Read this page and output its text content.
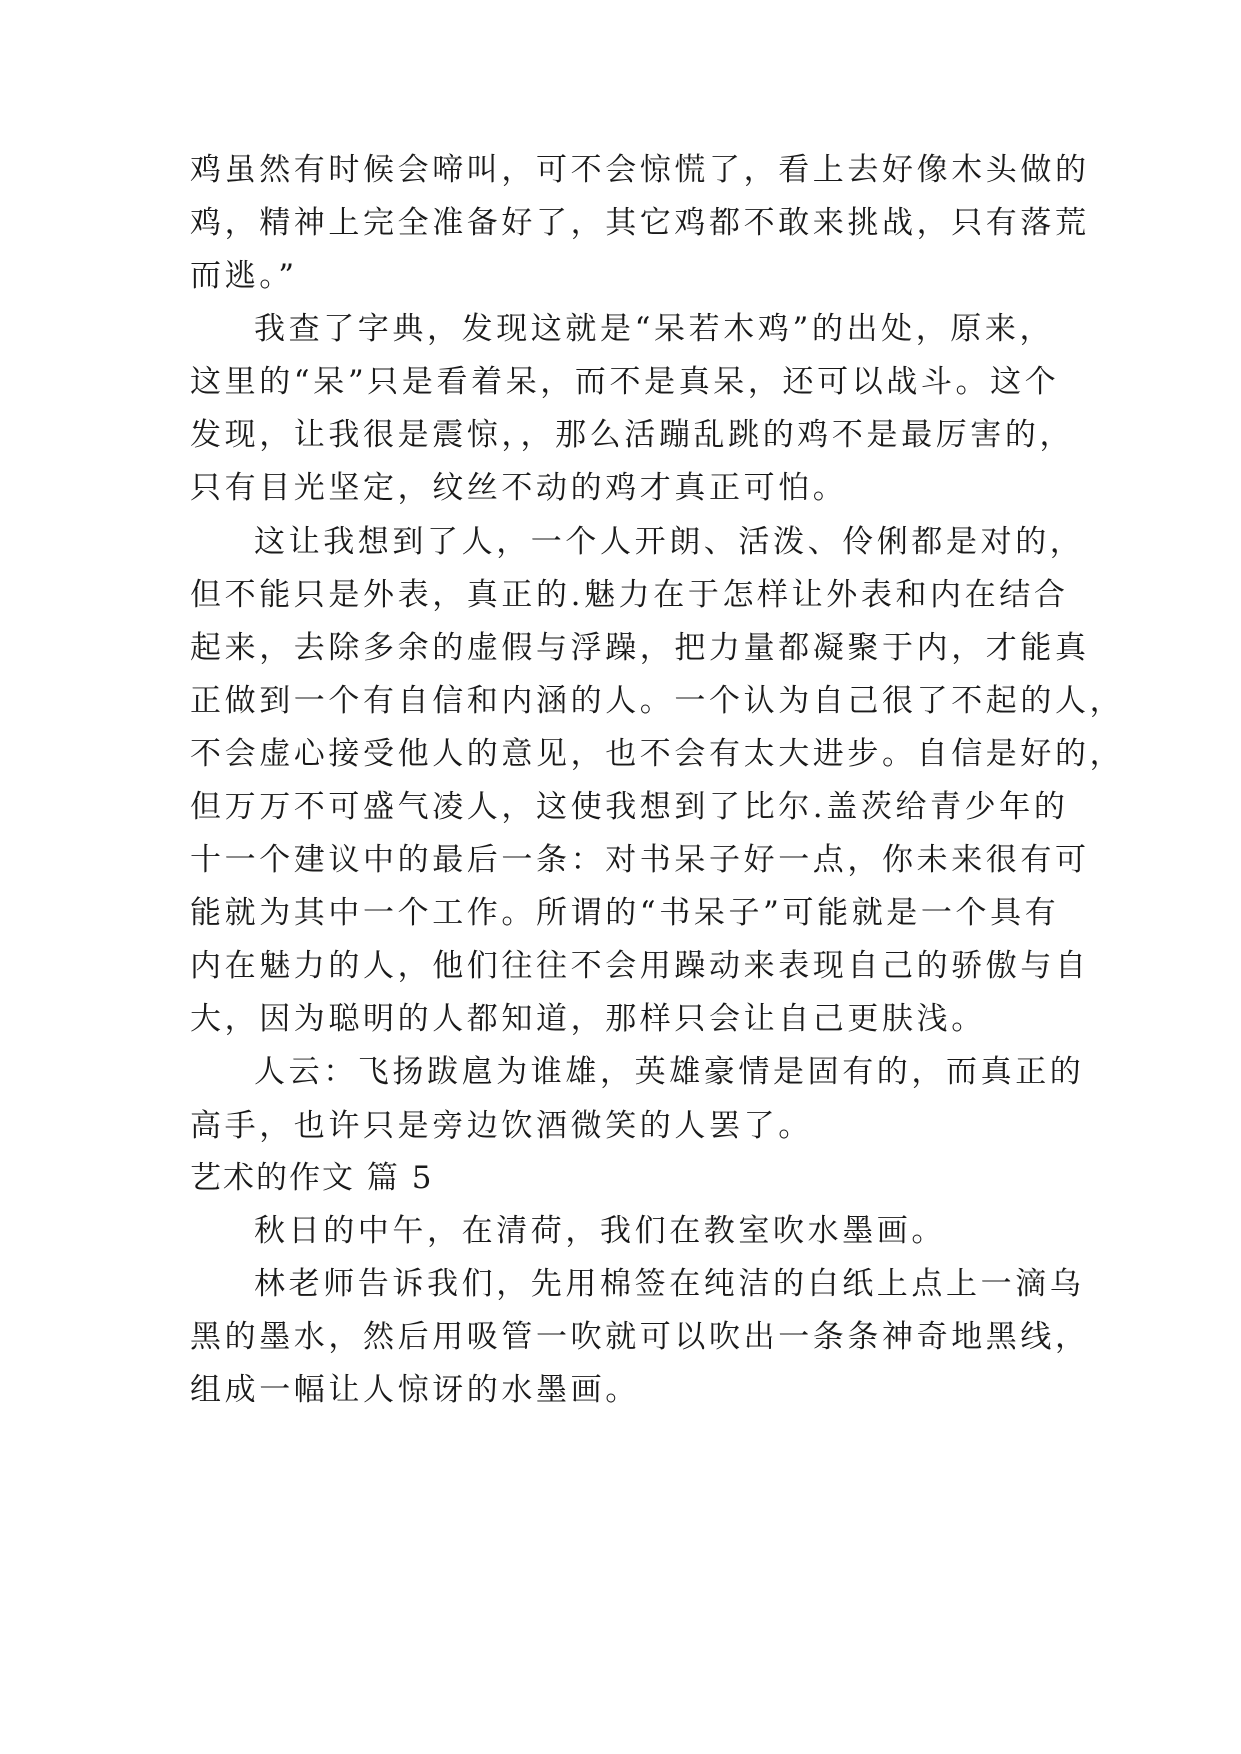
鸡虽然有时候会啼叫，可不会惊慌了，看上去好像木头做的
鸡，精神上完全准备好了，其它鸡都不敢来挑战，只有落荒
而逃。”
我查了字典，发现这就是“呆若木鸡”的出处，原来，
这里的“呆”只是看着呆，而不是真呆，还可以战斗。这个
发现，让我很是震惊，，那么活蹦乱跳的鸡不是最厉害的，
只有目光坚定，纹丝不动的鸡才真正可怕。
这让我想到了人，一个人开朗、活泼、伶俐都是对的，
但不能只是外表，真正的.魅力在于怎样让外表和内在结合
起来，去除多余的虚假与浮躁，把力量都凝聚于内，才能真
正做到一个有自信和内涵的人。一个认为自己很了不起的人，
不会虚心接受他人的意见，也不会有太大进步。自信是好的，
但万万不可盛气凌人，这使我想到了比尔.盖茨给青少年的
十一个建议中的最后一条：对书呆子好一点，你未来很有可
能就为其中一个工作。所谓的“书呆子”可能就是一个具有
内在魅力的人，他们往往不会用躁动来表现自己的骄傲与自
大，因为聪明的人都知道，那样只会让自己更肤浅。
人云：飞扬跋扈为谁雄，英雄豪情是固有的，而真正的
高手，也许只是旁边饮酒微笑的人罢了。
艺术的作文 篇 5
秋日的中午，在清荷，我们在教室吹水墨画。
林老师告诉我们，先用棉签在纯洁的白纸上点上一滴乌
黑的墨水，然后用吸管一吹就可以吹出一条条神奇地黑线，
组成一幅让人惊讶的水墨画。
